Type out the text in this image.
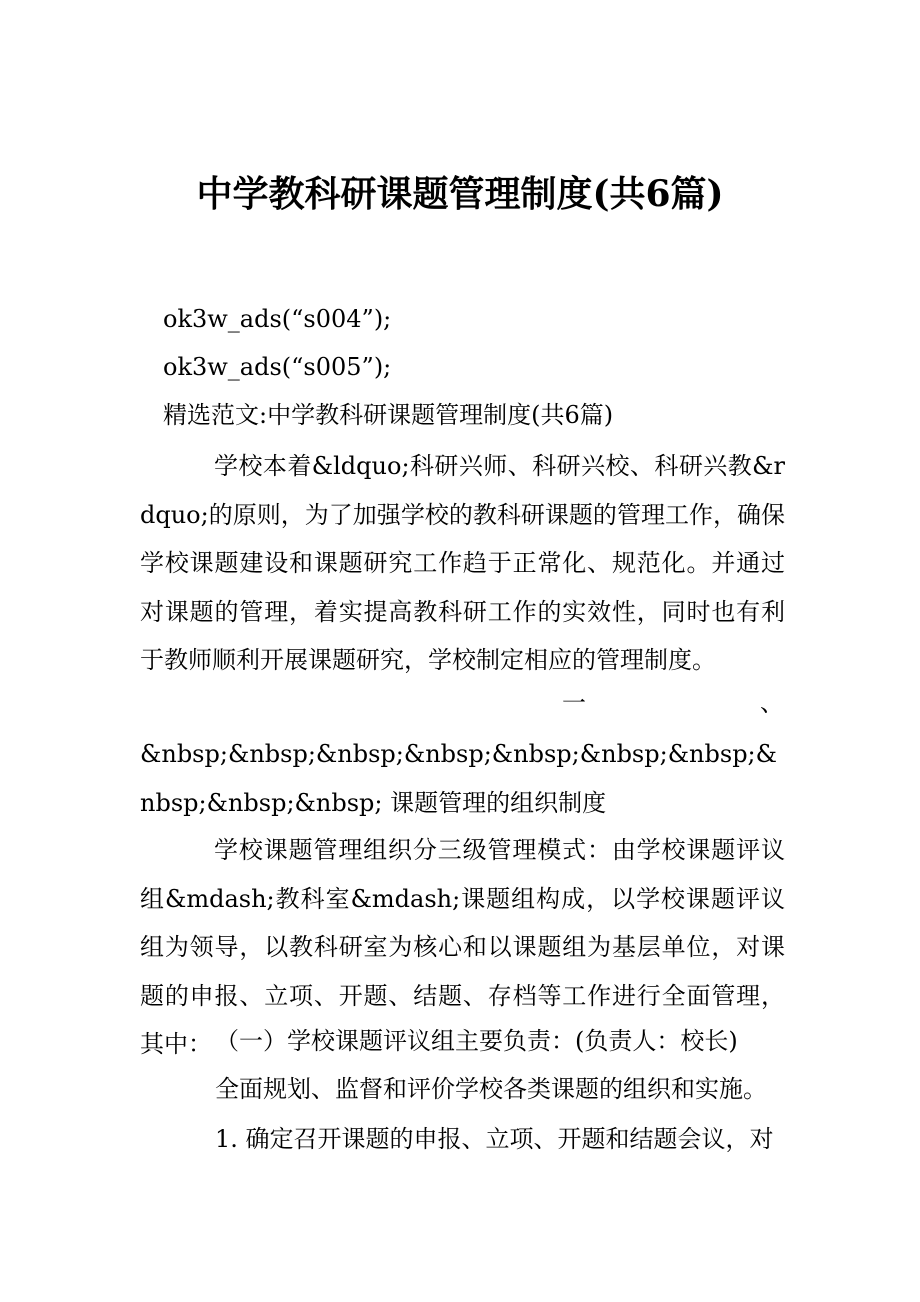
中学教科研课题管理制度(共6篇)
ok3w_ads(“s004”);
ok3w_ads(“s005”);
精选范文:中学教科研课题管理制度(共6篇)

学校本着&ldquo;科研兴师、科研兴校、科研兴教&rdquo;的原则，为了加强学校的教科研课题的管理工作，确保学校课题建设和课题研究工作趋于正常化、规范化。并通过对课题的管理，着实提高教科研工作的实效性，同时也有利于教师顺利开展课题研究，学校制定相应的管理制度。

一	、

&nbsp;&nbsp;&nbsp;&nbsp;&nbsp;&nbsp;&nbsp;&nbsp;&nbsp;&nbsp; 课题管理的组织制度

学校课题管理组织分三级管理模式：由学校课题评议组&mdash;教科室&mdash;课题组构成，以学校课题评议组为领导，以教科研室为核心和以课题组为基层单位，对课题的申报、立项、开题、结题、存档等工作进行全面管理，其中： （一）学校课题评议组主要负责：(负责人：校长)
全面规划、监督和评价学校各类课题的组织和实施。
1. 确定召开课题的申报、立项、开题和结题会议，对
